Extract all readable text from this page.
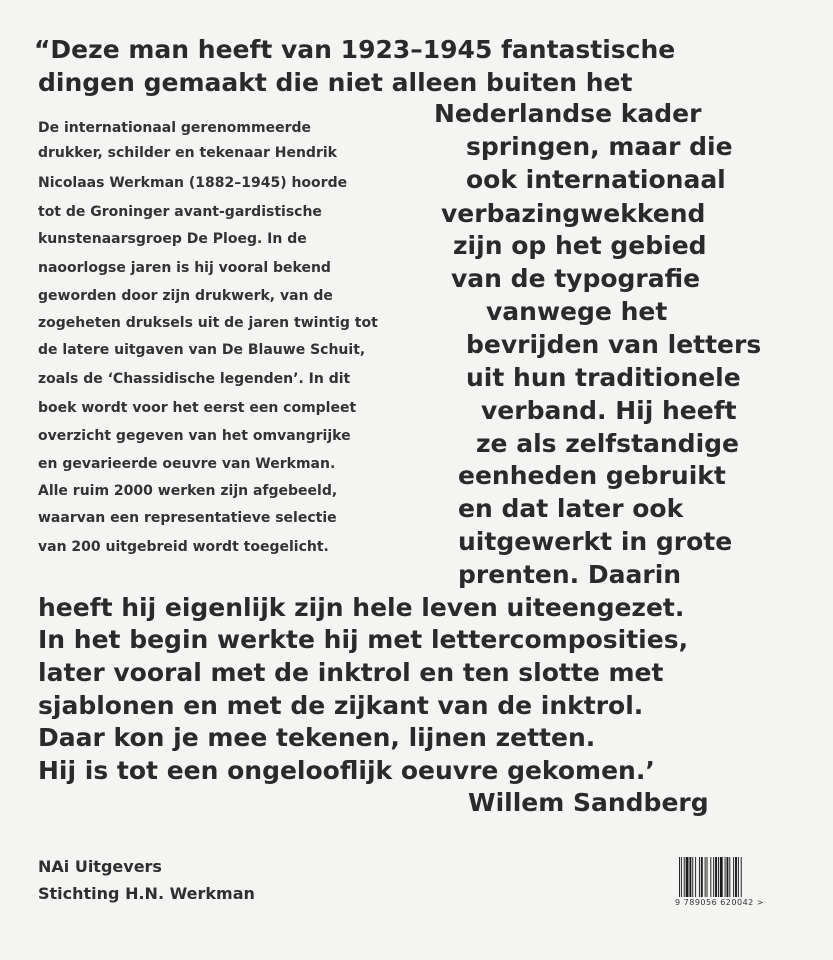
“Deze man heeft van 1923–1945 fantastische

dingen gemaakt die niet alleen buiten het

Nederlandse kader

springen, maar die

ook internationaal

verbazingwekkend

zijn op het gebied

van de typografie

vanwege het

bevrijden van letters

uit hun traditionele

verband. Hij heeft

ze als zelfstandige

eenheden gebruikt

en dat later ook

uitgewerkt in grote

prenten. Daarin

heeft hij eigenlijk zijn hele leven uiteengezet.

In het begin werkte hij met lettercomposities,

later vooral met de inktrol en ten slotte met

sjablonen en met de zijkant van de inktrol.

Daar kon je mee tekenen, lijnen zetten.

Hij is tot een ongelooflijk oeuvre gekomen.’

Willem Sandberg

De internationaal gerenommeerde

drukker, schilder en tekenaar Hendrik

Nicolaas Werkman (1882–1945) hoorde

tot de Groninger avant-gardistische

kunstenaarsgroep De Ploeg. In de

naoorlogse jaren is hij vooral bekend

geworden door zijn drukwerk, van de

zogeheten druksels uit de jaren twintig tot

de latere uitgaven van De Blauwe Schuit,

zoals de ‘Chassidische legenden’. In dit

boek wordt voor het eerst een compleet

overzicht gegeven van het omvangrijke

en gevarieerde oeuvre van Werkman.

Alle ruim 2000 werken zijn afgebeeld,

waarvan een representatieve selectie

van 200 uitgebreid wordt toegelicht.

NAi Uitgevers
Stichting H.N. Werkman	9 789056 620042 >
